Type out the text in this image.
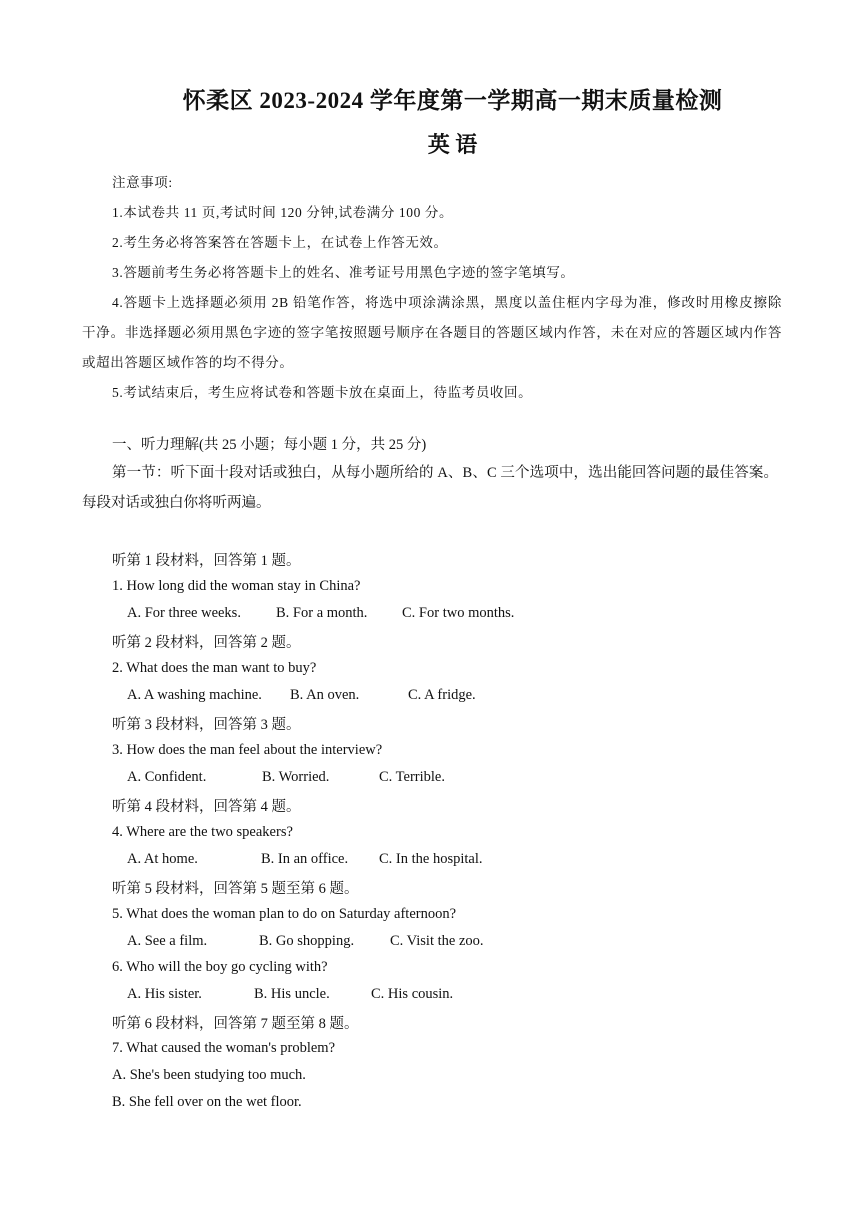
怀柔区 2023-2024 学年度第一学期高一期末质量检测
英 语

注意事项:

1.本试卷共 11 页,考试时间 120 分钟,试卷满分 100 分。

2.考生务必将答案答在答题卡上，在试卷上作答无效。

3.答题前考生务必将答题卡上的姓名、准考证号用黑色字迹的签字笔填写。

4.答题卡上选择题必须用 2B 铅笔作答，将选中项涂满涂黑，黑度以盖住框内字母为准，修改时用橡皮擦除干净。非选择题必须用黑色字迹的签字笔按照题号顺序在各题目的答题区域内作答，未在对应的答题区域内作答或超出答题区域作答的均不得分。

5.考试结束后，考生应将试卷和答题卡放在桌面上，待监考员收回。

一、听力理解(共 25 小题；每小题 1 分，共 25 分)

第一节：听下面十段对话或独白，从每小题所给的 A、B、C 三个选项中，选出能回答问题的最佳答案。每段对话或独白你将听两遍。

听第 1 段材料，回答第 1 题。
1. How long did the woman stay in China?
A. For three weeks. B. For a month. C. For two months.
听第 2 段材料，回答第 2 题。
2. What does the man want to buy?
A. A washing machine. B. An oven.	C. A fridge.
听第 3 段材料，回答第 3 题。
3. How does the man feel about the interview?
A. Confident.	B. Worried.	C. Terrible.
听第 4 段材料，回答第 4 题。
4. Where are the two speakers?
A. At home.	B. In an office. C. In the hospital.
听第 5 段材料，回答第 5 题至第 6 题。
5. What does the woman plan to do on Saturday afternoon?
A. See a film.	B. Go shopping. C. Visit the zoo.
6. Who will the boy go cycling with?
A. His sister.	B. His uncle.	C. His cousin.
听第 6 段材料，回答第 7 题至第 8 题。
7. What caused the woman's problem?
A. She's been studying too much.
B. She fell over on the wet floor.
